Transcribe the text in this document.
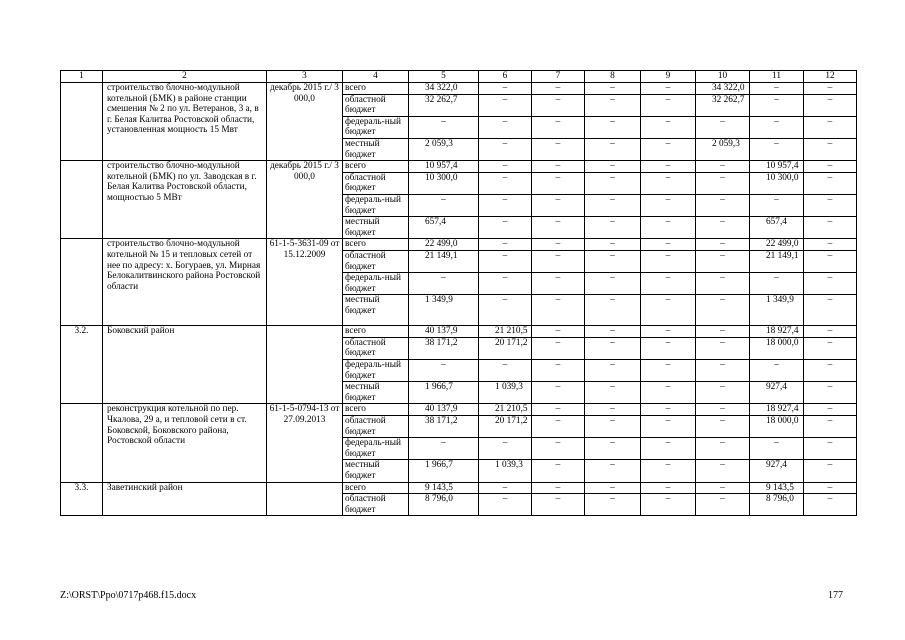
1	2	3	4	5	6	7	8	9	10	11	12
	строительство блочно-модульной котельной (БМК) в районе станции смешения № 2 по ул. Ветеранов, 3 а, в г. Белая Калитва Ростовской области, установленная мощность 15 Мвт	декабрь 2015 г./ 3 000,0	всего	34 322,0	–	–	–	–	34 322,0	–	–
			областной бюджет	32 262,7	–	–	–	–	32 262,7	–	–
			федераль-ный бюджет	–	–	–	–	–	–	–	–
			местный бюджет	2 059,3	–	–	–	–	2 059,3	–	–
	строительство блочно-модульной котельной (БМК) по ул. Заводская в г. Белая Калитва Ростовской области, мощностью 5 МВт	декабрь 2015 г./ 3 000,0	всего	10 957,4	–	–	–	–	–	10 957,4	–
			областной бюджет	10 300,0	–	–	–	–	–	10 300,0	–
			федераль-ный бюджет	–	–	–	–	–	–	–	–
			местный бюджет	657,4	–	–	–	–	–	657,4	–
	строительство блочно-модульной котельной № 15 и тепловых сетей от нее по адресу: х. Богураев, ул. Мирная Белокалитвинского района Ростовской области	61-1-5-3631-09 от 15.12.2009	всего	22 499,0	–	–	–	–	–	22 499,0	–
			областной бюджет	21 149,1	–	–	–	–	–	21 149,1	–
			федераль-ный бюджет	–	–	–	–	–	–	–	–
			местный бюджет	1 349,9	–	–	–	–	–	1 349,9	–
3.2.	Боковский район		всего	40 137,9	21 210,5	–	–	–	–	18 927,4	–
			областной бюджет	38 171,2	20 171,2	–	–	–	–	18 000,0	–
			федераль-ный бюджет	–	–	–	–	–	–	–	–
			местный бюджет	1 966,7	1 039,3	–	–	–	–	927,4	–
	реконструкция котельной по пер. Чкалова, 29 а, и тепловой сети в ст. Боковской, Боковского района, Ростовской области	61-1-5-0794-13 от 27.09.2013	всего	40 137,9	21 210,5	–	–	–	–	18 927,4	–
			областной бюджет	38 171,2	20 171,2	–	–	–	–	18 000,0	–
			федераль-ный бюджет	–	–	–	–	–	–	–	–
			местный бюджет	1 966,7	1 039,3	–	–	–	–	927,4	–
3.3.	Заветинский район		всего	9 143,5	–	–	–	–	–	9 143,5	–
			областной бюджет	8 796,0	–	–	–	–	–	8 796,0	–
Z:\ORST\Ppo\0717p468.f15.docx	177
